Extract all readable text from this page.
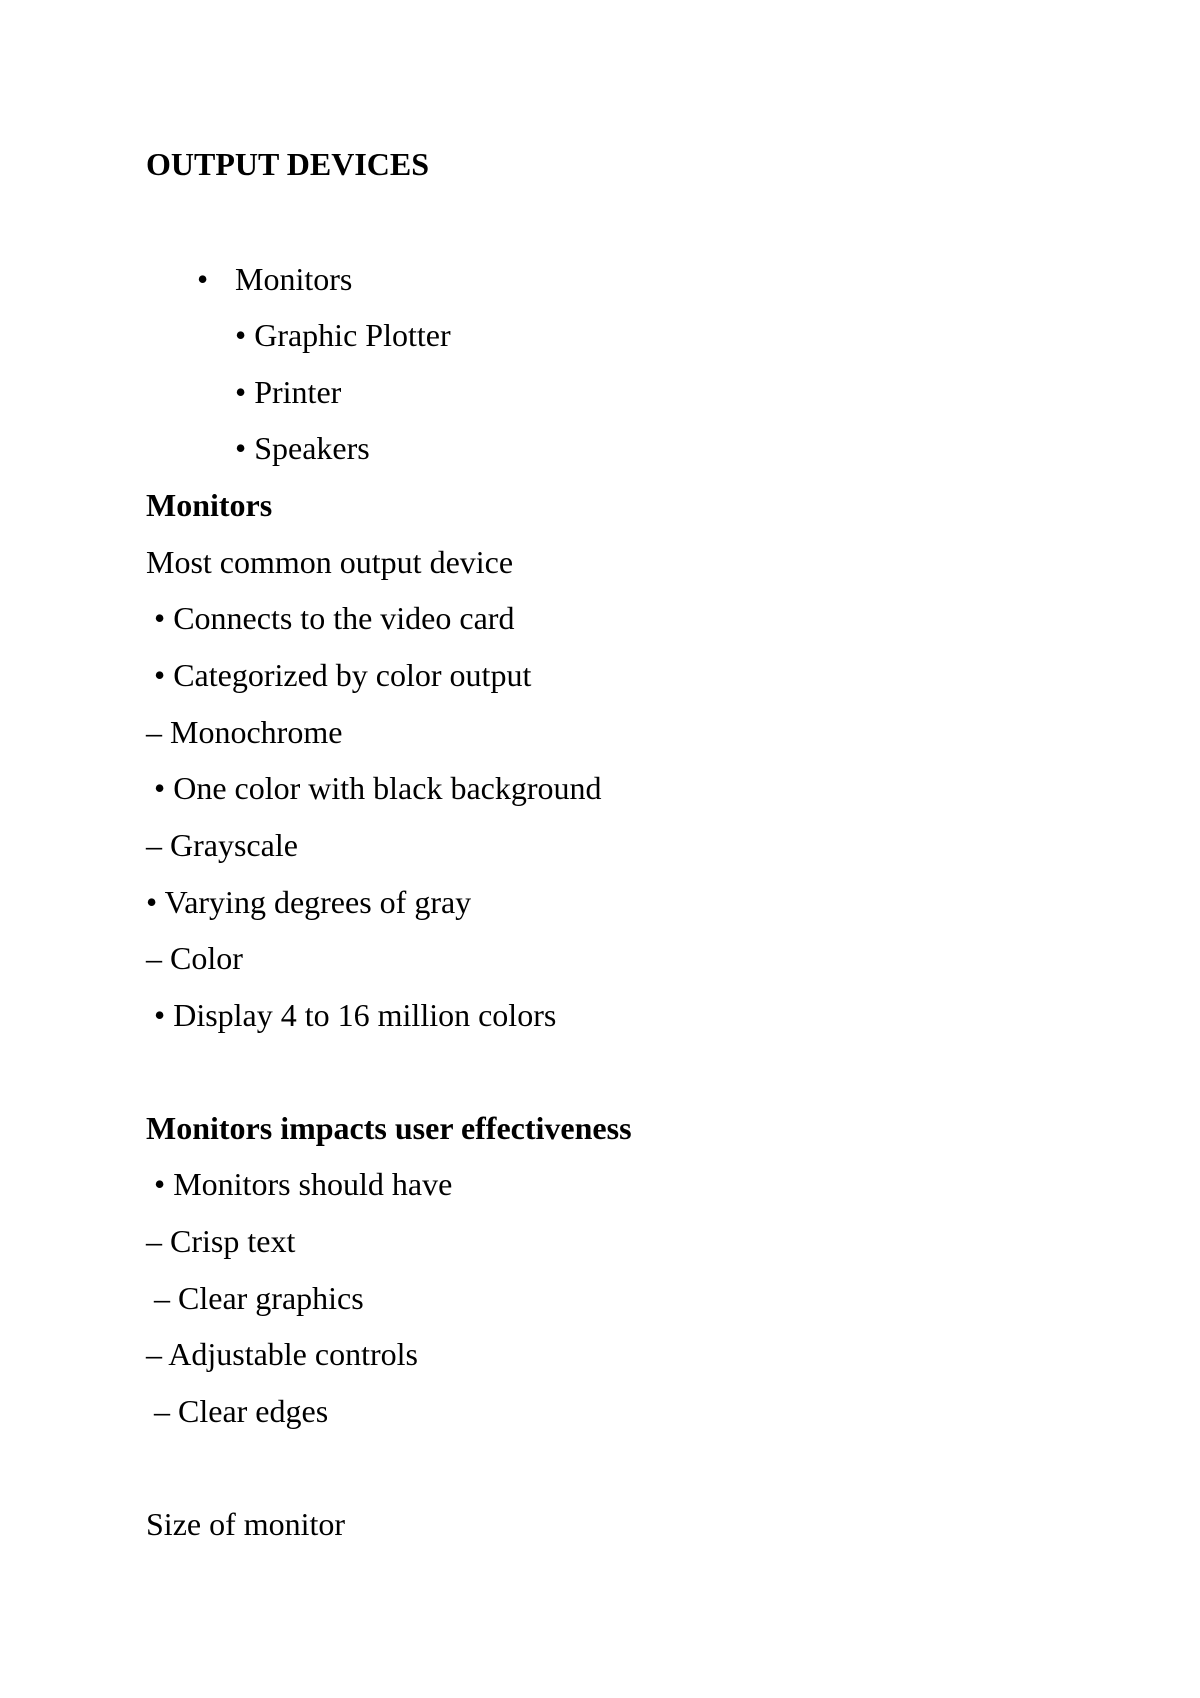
OUTPUT DEVICES
• Monitors
• Graphic Plotter
• Printer
• Speakers
Monitors
Most common output device
• Connects to the video card
• Categorized by color output
– Monochrome
• One color with black background
– Grayscale
• Varying degrees of gray
– Color
• Display 4 to 16 million colors
Monitors impacts user effectiveness
• Monitors should have
– Crisp text
– Clear graphics
– Adjustable controls
– Clear edges
Size of monitor
